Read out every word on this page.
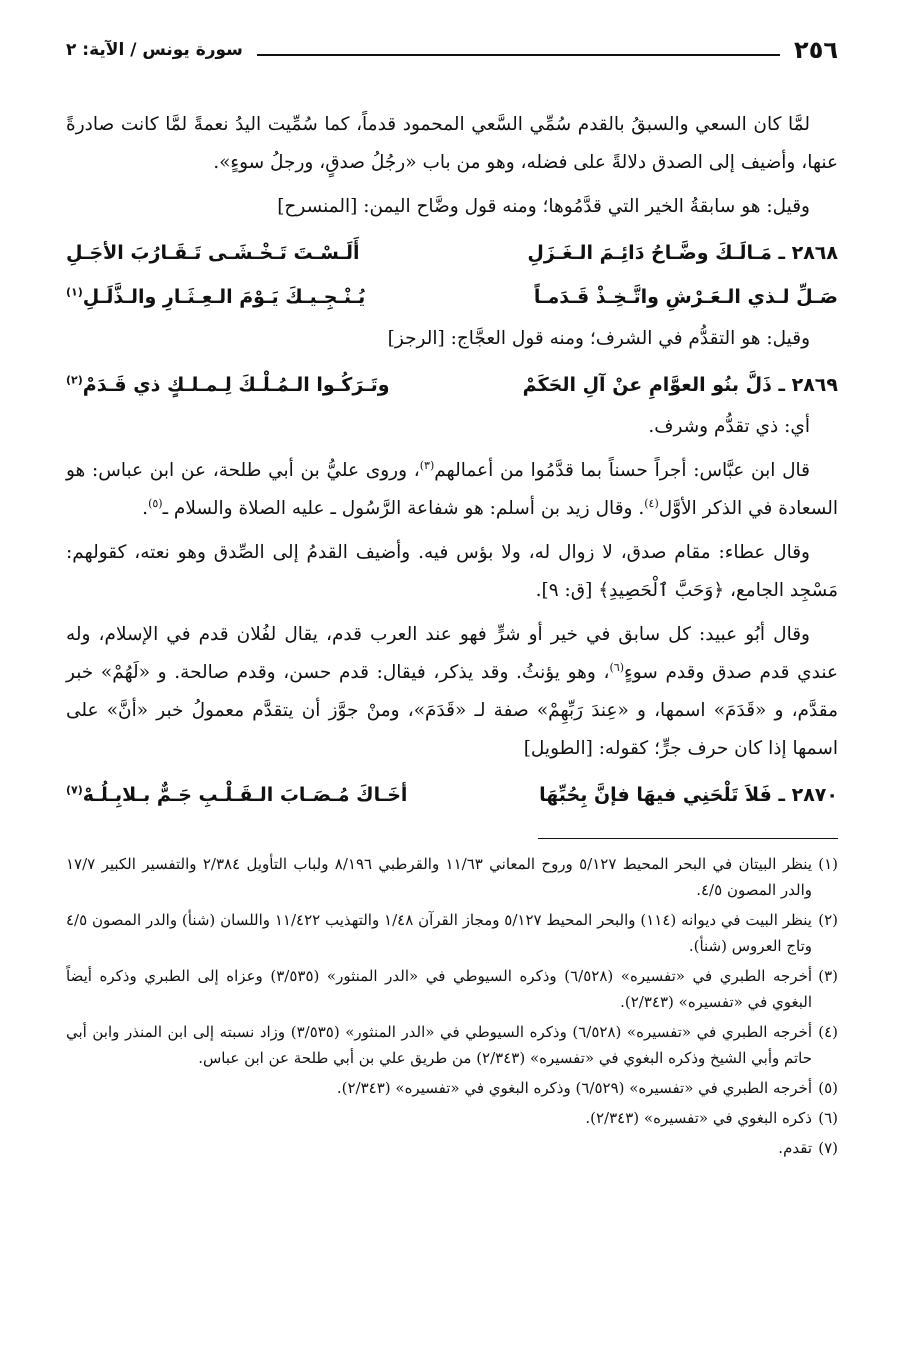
٢٥٦
سورة يونس / الآية: ٢

لمَّا كان السعي والسبقُ بالقدم سُمِّي السَّعي المحمود قدماً، كما سُمِّيت اليدُ نعمةً لمَّا كانت صادرةً عنها، وأضيف إلى الصدق دلالةً على فضله، وهو من باب «رجُلُ صدقٍ، ورجلُ سوءٍ».

وقيل: هو سابقةُ الخير التي قدَّمُوها؛ ومنه قول وضَّاح اليمن: [المنسرح]

٢٨٦٨ ـ مَـالَـكَ وضَّـاحُ دَائِـمَ الـغَـزَلِ
أَلَـسْـتَ تَـخْـشَـى تَـقَـارُبَ الأجَـلِ
صَـلِّ لـذي الـعَـرْشِ واتَّـخِـذْ قَـدَمـاً
يُـنْـجِـيـكَ يَـوْمَ الـعِـثَـارِ والـذَّلَـلِ$^{(١)}$

وقيل: هو التقدُّم في الشرف؛ ومنه قول العجَّاج: [الرجز]

٢٨٦٩ ـ ذَلَّ بنُو العوَّامِ عنْ آلِ الحَكَمْ
وتَـرَكُـوا الـمُـلْـكَ لِـمـلـكٍ ذي قَـدَمْ$^{(٢)}$

أي: ذي تقدُّم وشرف.

قال ابن عبَّاس: أجراً حسناً بما قدَّمُوا من أعمالهم$^{(٣)}$، وروى عليُّ بن أبي طلحة، عن ابن عباس: هو السعادة في الذكر الأوَّل$^{(٤)}$. وقال زيد بن أسلم: هو شفاعة الرَّسُول ـ عليه الصلاة والسلام ـ$^{(٥)}$.

وقال عطاء: مقام صدق، لا زوال له، ولا بؤس فيه. وأضيف القدمُ إلى الصِّدق وهو نعته، كقولهم: مَسْجِد الجامع، ﴿وَحَبَّ ٱلْحَصِيدِ﴾ [ق: ٩].

وقال أبُو عبيد: كل سابق في خير أو شرٍّ فهو عند العرب قدم، يقال لفُلان قدم في الإسلام، وله عندي قدم صدق وقدم سوءٍ$^{(٦)}$، وهو يؤنثُ. وقد يذكر، فيقال: قدم حسن، وقدم صالحة. و «لَهُمْ» خبر مقدَّم، و «قَدَمَ» اسمها، و «عِندَ رَبِّهِمْ» صفة لـ «قَدَمَ»، ومنْ جوَّز أن يتقدَّم معمولُ خبر «أنَّ» على اسمها إذا كان حرف جرٍّ؛ كقوله: [الطويل]

٢٨٧٠ ـ فَلاَ تَلْحَنِي فيهَا فإنَّ بِحُبِّهَا
أخَـاكَ مُـصَـابَ الـقَـلْـبِ جَـمٌّ بـلابِـلُـهْ$^{(٧)}$

(١)
ينظر البيتان في البحر المحيط ٥/١٢٧ وروح المعاني ١١/٦٣ والقرطبي ٨/١٩٦ ولباب التأويل ٢/٣٨٤ والتفسير الكبير ١٧/٧ والدر المصون ٤/٥.

(٢)
ينظر البيت في ديوانه (١١٤) والبحر المحيط ٥/١٢٧ ومجاز القرآن ١/٤٨ والتهذيب ١١/٤٢٢ واللسان (شنأ) والدر المصون ٤/٥ وتاج العروس (شنأ).

(٣)
أخرجه الطبري في «تفسيره» (٦/٥٢٨) وذكره السيوطي في «الدر المنثور» (٣/٥٣٥) وعزاه إلى الطبري وذكره أيضاً البغوي في «تفسيره» (٢/٣٤٣).

(٤)
أخرجه الطبري في «تفسيره» (٦/٥٢٨) وذكره السيوطي في «الدر المنثور» (٣/٥٣٥) وزاد نسبته إلى ابن المنذر وابن أبي حاتم وأبي الشيخ وذكره البغوي في «تفسيره» (٢/٣٤٣) من طريق علي بن أبي طلحة عن ابن عباس.

(٥)
أخرجه الطبري في «تفسيره» (٦/٥٢٩) وذكره البغوي في «تفسيره» (٢/٣٤٣).

(٦)
ذكره البغوي في «تفسيره» (٢/٣٤٣).

(٧)
تقدم.
